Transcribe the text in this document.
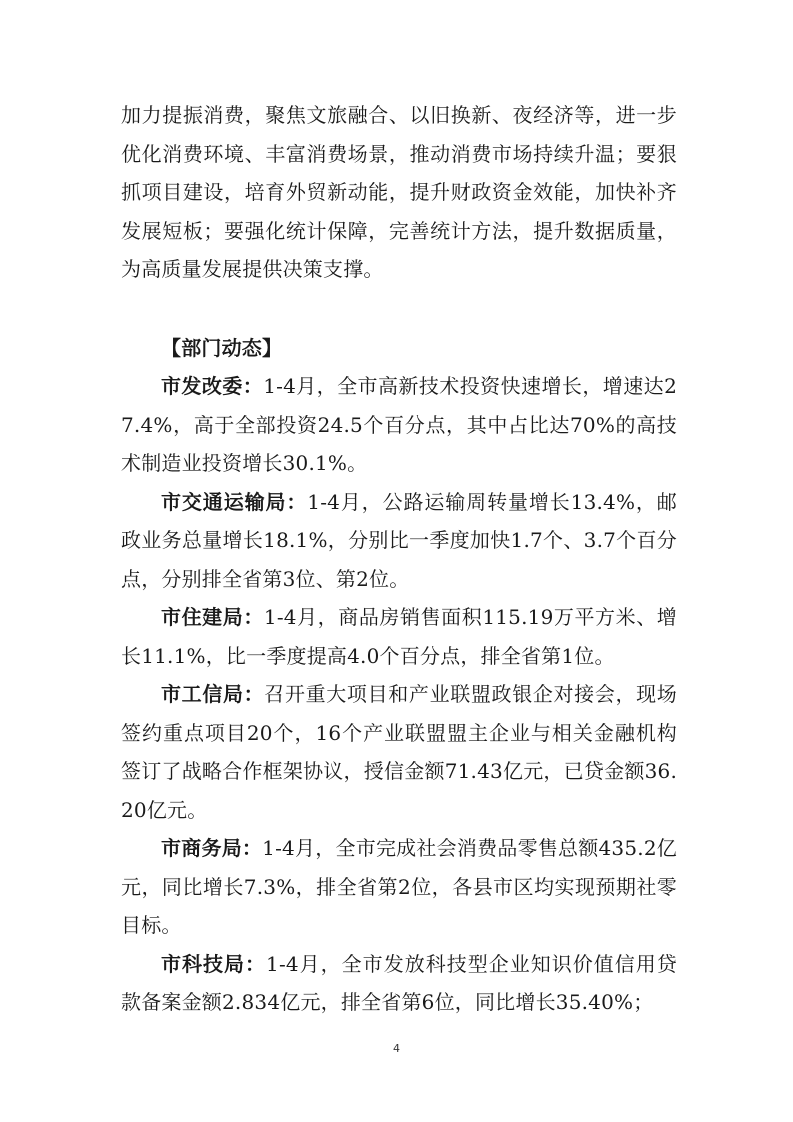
加力提振消费，聚焦文旅融合、以旧换新、夜经济等，进一步优化消费环境、丰富消费场景，推动消费市场持续升温；要狠抓项目建设，培育外贸新动能，提升财政资金效能，加快补齐发展短板；要强化统计保障，完善统计方法，提升数据质量，为高质量发展提供决策支撑。

【部门动态】

市发改委：1-4月，全市高新技术投资快速增长，增速达27.4%，高于全部投资24.5个百分点，其中占比达70%的高技术制造业投资增长30.1%。

市交通运输局：1-4月，公路运输周转量增长13.4%，邮政业务总量增长18.1%，分别比一季度加快1.7个、3.7个百分点，分别排全省第3位、第2位。

市住建局：1-4月，商品房销售面积115.19万平方米、增长11.1%，比一季度提高4.0个百分点，排全省第1位。

市工信局：召开重大项目和产业联盟政银企对接会，现场签约重点项目20个，16个产业联盟盟主企业与相关金融机构签订了战略合作框架协议，授信金额71.43亿元，已贷金额36.20亿元。

市商务局：1-4月，全市完成社会消费品零售总额435.2亿元，同比增长7.3%，排全省第2位，各县市区均实现预期社零目标。

市科技局：1-4月，全市发放科技型企业知识价值信用贷款备案金额2.834亿元，排全省第6位，同比增长35.40%；

4
